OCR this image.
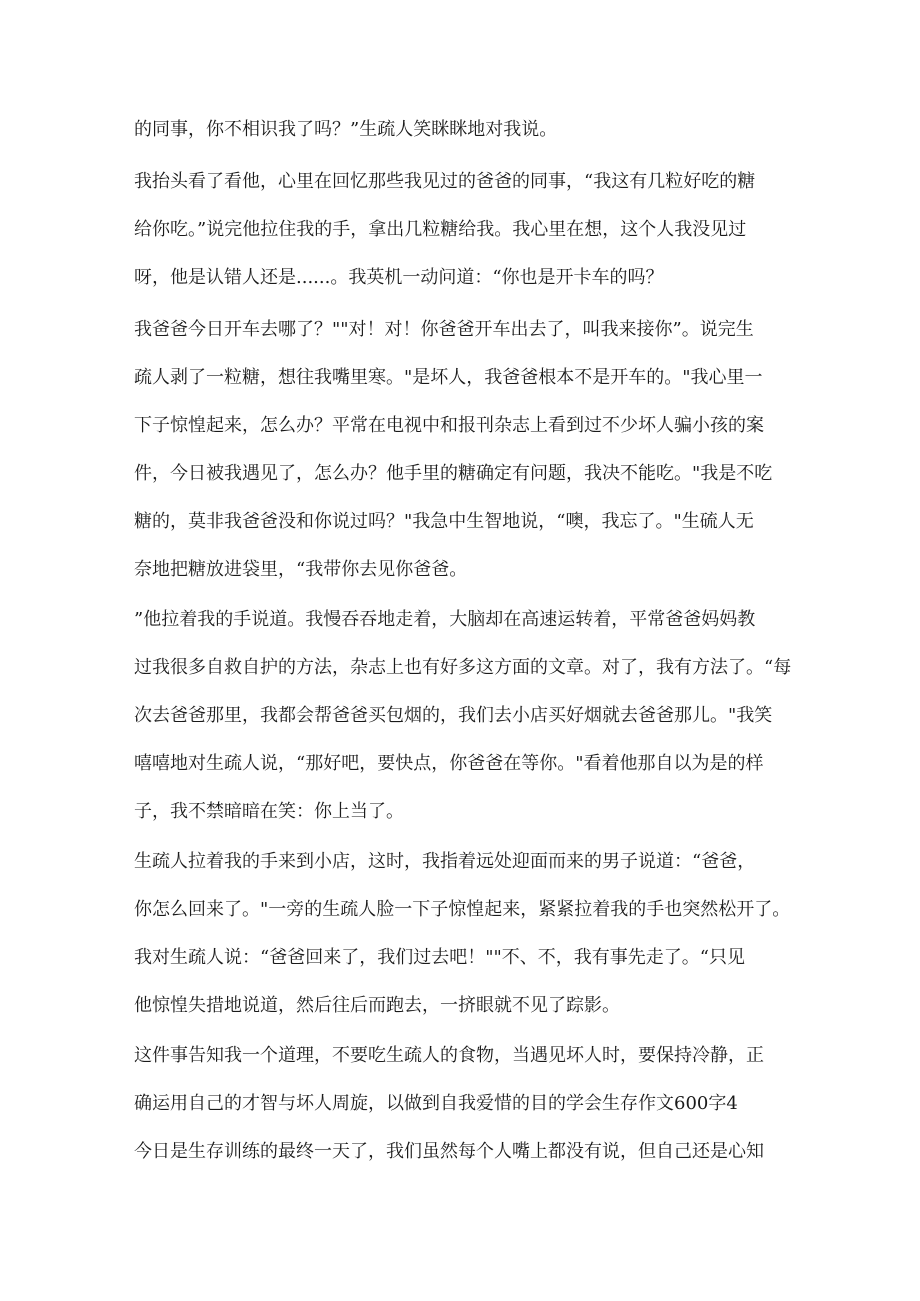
的同事，你不相识我了吗？”生疏人笑眯眯地对我说。
我抬头看了看他，心里在回忆那些我见过的爸爸的同事，“我这有几粒好吃的糖
给你吃。”说完他拉住我的手，拿出几粒糖给我。我心里在想，这个人我没见过
呀，他是认错人还是......。我英机一动问道：“你也是开卡车的吗？
我爸爸今日开车去哪了？""对！对！你爸爸开车出去了，叫我来接你”。说完生
疏人剥了一粒糖，想往我嘴里寒。"是坏人，我爸爸根本不是开车的。"我心里一
下子惊惶起来，怎么办？平常在电视中和报刊杂志上看到过不少坏人骗小孩的案
件，今日被我遇见了，怎么办？他手里的糖确定有问题，我决不能吃。"我是不吃
糖的，莫非我爸爸没和你说过吗？"我急中生智地说，“噢，我忘了。"生硫人无
奈地把糖放进袋里，“我带你去见你爸爸。
”他拉着我的手说道。我慢吞吞地走着，大脑却在高速运转着，平常爸爸妈妈教
过我很多自救自护的方法，杂志上也有好多这方面的文章。对了，我有方法了。“每
次去爸爸那里，我都会帮爸爸买包烟的，我们去小店买好烟就去爸爸那儿。"我笑
嘻嘻地对生疏人说，“那好吧，要快点，你爸爸在等你。"看着他那自以为是的样
子，我不禁暗暗在笑：你上当了。
生疏人拉着我的手来到小店，这时，我指着远处迎面而来的男子说道：“爸爸，
你怎么回来了。"一旁的生疏人脸一下子惊惶起来，紧紧拉着我的手也突然松开了。
我对生疏人说：“爸爸回来了，我们过去吧！""不、不，我有事先走了。“只见
他惊惶失措地说道，然后往后而跑去，一挤眼就不见了踪影。
这件事告知我一个道理，不要吃生疏人的食物，当遇见坏人时，要保持冷静，正
确运用自己的才智与坏人周旋，以做到自我爱惜的目的学会生存作文600字4
今日是生存训练的最终一天了，我们虽然每个人嘴上都没有说，但自己还是心知
